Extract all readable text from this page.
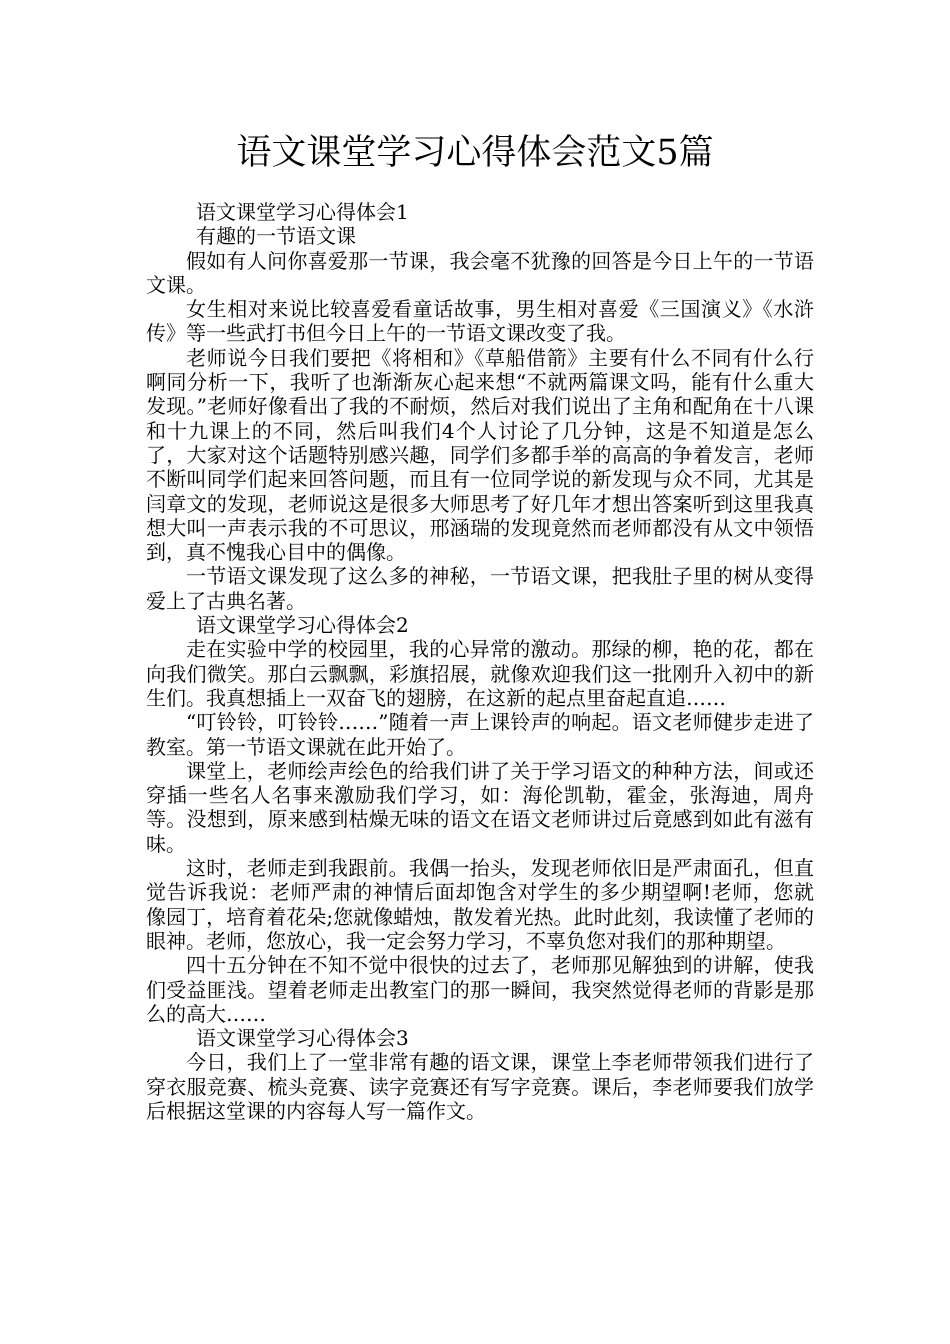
语文课堂学习心得体会范文5篇

语文课堂学习心得体会1

有趣的一节语文课

假如有人问你喜爱那一节课，我会毫不犹豫的回答是今日上午的一节语文课。

女生相对来说比较喜爱看童话故事，男生相对喜爱《三国演义》《水浒传》等一些武打书但今日上午的一节语文课改变了我。

老师说今日我们要把《将相和》《草船借箭》主要有什么不同有什么行啊同分析一下，我听了也渐渐灰心起来想“不就两篇课文吗，能有什么重大发现。”老师好像看出了我的不耐烦，然后对我们说出了主角和配角在十八课和十九课上的不同，然后叫我们4个人讨论了几分钟，这是不知道是怎么了，大家对这个话题特别感兴趣，同学们多都手举的高高的争着发言，老师不断叫同学们起来回答问题，而且有一位同学说的新发现与众不同，尤其是闫章文的发现，老师说这是很多大师思考了好几年才想出答案听到这里我真想大叫一声表示我的不可思议，邢涵瑞的发现竟然而老师都没有从文中领悟到，真不愧我心目中的偶像。

一节语文课发现了这么多的神秘，一节语文课，把我肚子里的树从变得爱上了古典名著。

语文课堂学习心得体会2

走在实验中学的校园里，我的心异常的激动。那绿的柳，艳的花，都在向我们微笑。那白云飘飘，彩旗招展，就像欢迎我们这一批刚升入初中的新生们。我真想插上一双奋飞的翅膀，在这新的起点里奋起直追……

“叮铃铃，叮铃铃……”随着一声上课铃声的响起。语文老师健步走进了教室。第一节语文课就在此开始了。

课堂上，老师绘声绘色的给我们讲了关于学习语文的种种方法，间或还穿插一些名人名事来激励我们学习，如：海伦凯勒，霍金，张海迪，周舟等。没想到，原来感到枯燥无味的语文在语文老师讲过后竟感到如此有滋有味。

这时，老师走到我跟前。我偶一抬头，发现老师依旧是严肃面孔，但直觉告诉我说：老师严肃的神情后面却饱含对学生的多少期望啊!老师，您就像园丁，培育着花朵;您就像蜡烛，散发着光热。此时此刻，我读懂了老师的眼神。老师，您放心，我一定会努力学习，不辜负您对我们的那种期望。

四十五分钟在不知不觉中很快的过去了，老师那见解独到的讲解，使我们受益匪浅。望着老师走出教室门的那一瞬间，我突然觉得老师的背影是那么的高大……

语文课堂学习心得体会3

今日，我们上了一堂非常有趣的语文课，课堂上李老师带领我们进行了穿衣服竞赛、梳头竞赛、读字竞赛还有写字竞赛。课后，李老师要我们放学后根据这堂课的内容每人写一篇作文。
